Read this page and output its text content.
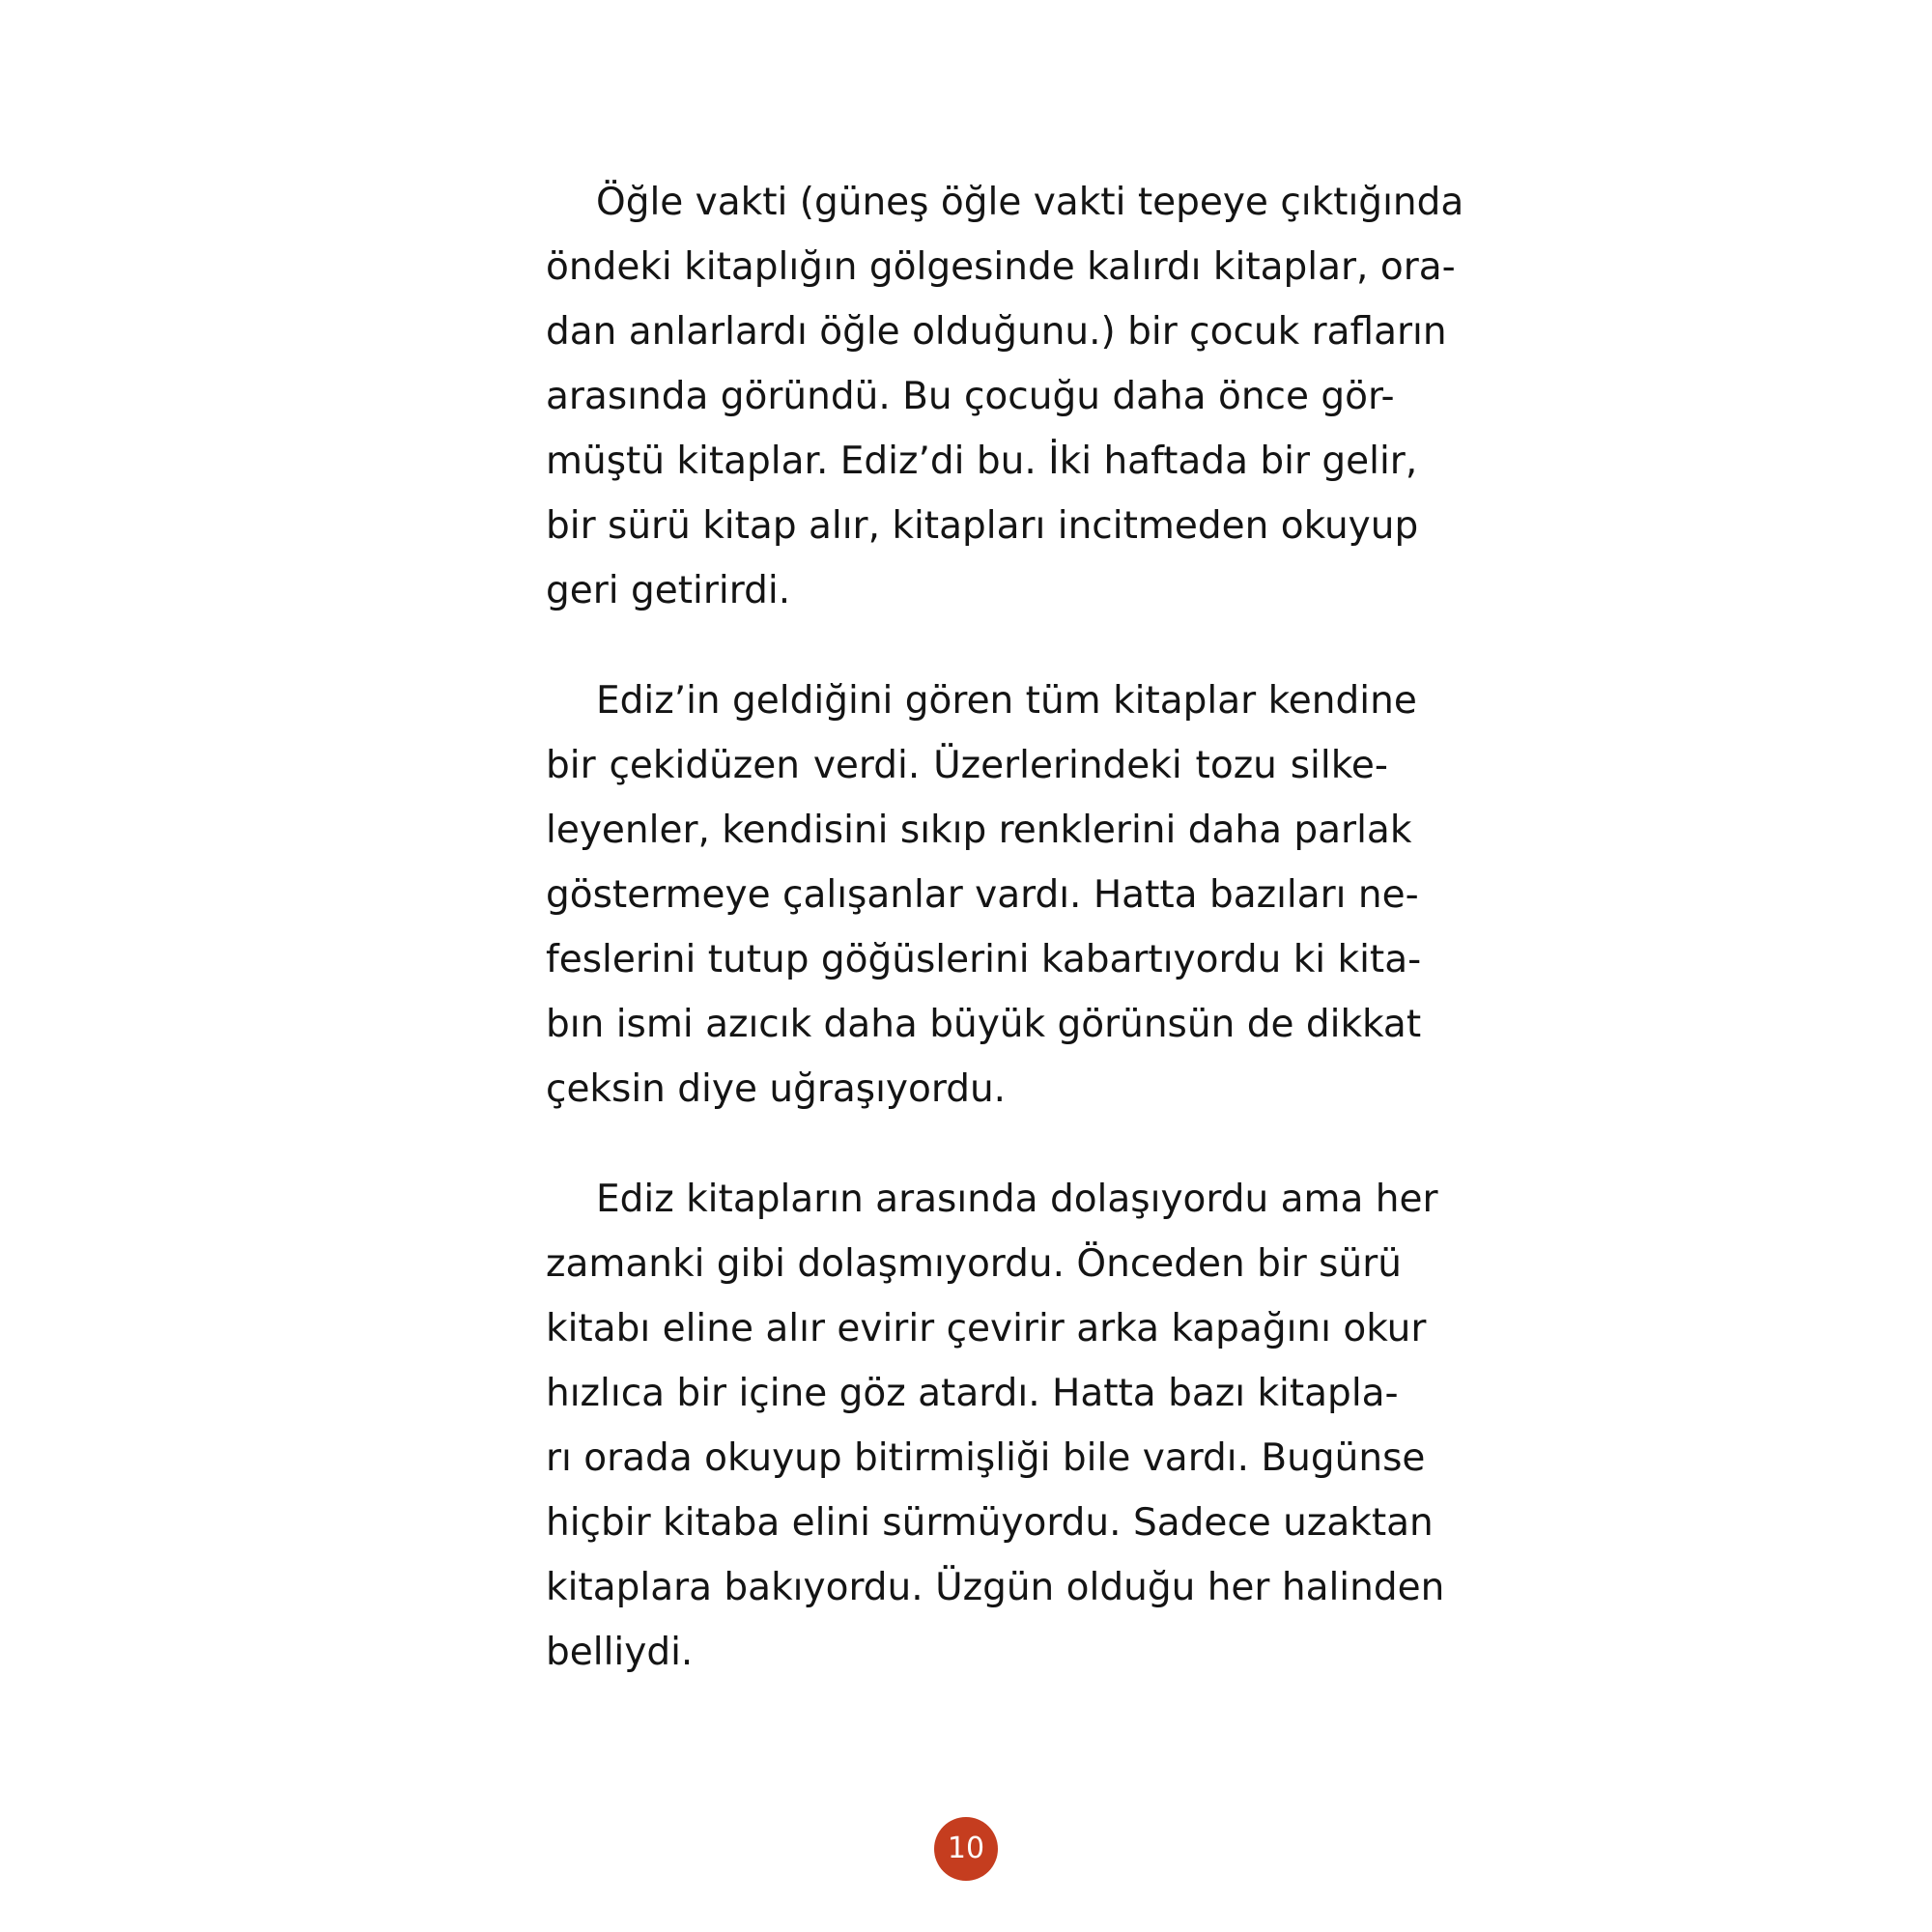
Öğle vakti (güneş öğle vakti tepeye çıktığında
öndeki kitaplığın gölgesinde kalırdı kitaplar, ora-
dan anlarlardı öğle olduğunu.) bir çocuk rafların
arasında göründü. Bu çocuğu daha önce gör-
müştü kitaplar. Ediz’di bu. İki haftada bir gelir,
bir sürü kitap alır, kitapları incitmeden okuyup
geri getirirdi.

Ediz’in geldiğini gören tüm kitaplar kendine
bir çekidüzen verdi. Üzerlerindeki tozu silke-
leyenler, kendisini sıkıp renklerini daha parlak
göstermeye çalışanlar vardı. Hatta bazıları ne-
feslerini tutup göğüslerini kabartıyordu ki kita-
bın ismi azıcık daha büyük görünsün de dikkat
çeksin diye uğraşıyordu.

Ediz kitapların arasında dolaşıyordu ama her
zamanki gibi dolaşmıyordu. Önceden bir sürü
kitabı eline alır evirir çevirir arka kapağını okur
hızlıca bir içine göz atardı. Hatta bazı kitapla-
rı orada okuyup bitirmişliği bile vardı. Bugünse
hiçbir kitaba elini sürmüyordu. Sadece uzaktan
kitaplara bakıyordu. Üzgün olduğu her halinden
belliydi.

10
